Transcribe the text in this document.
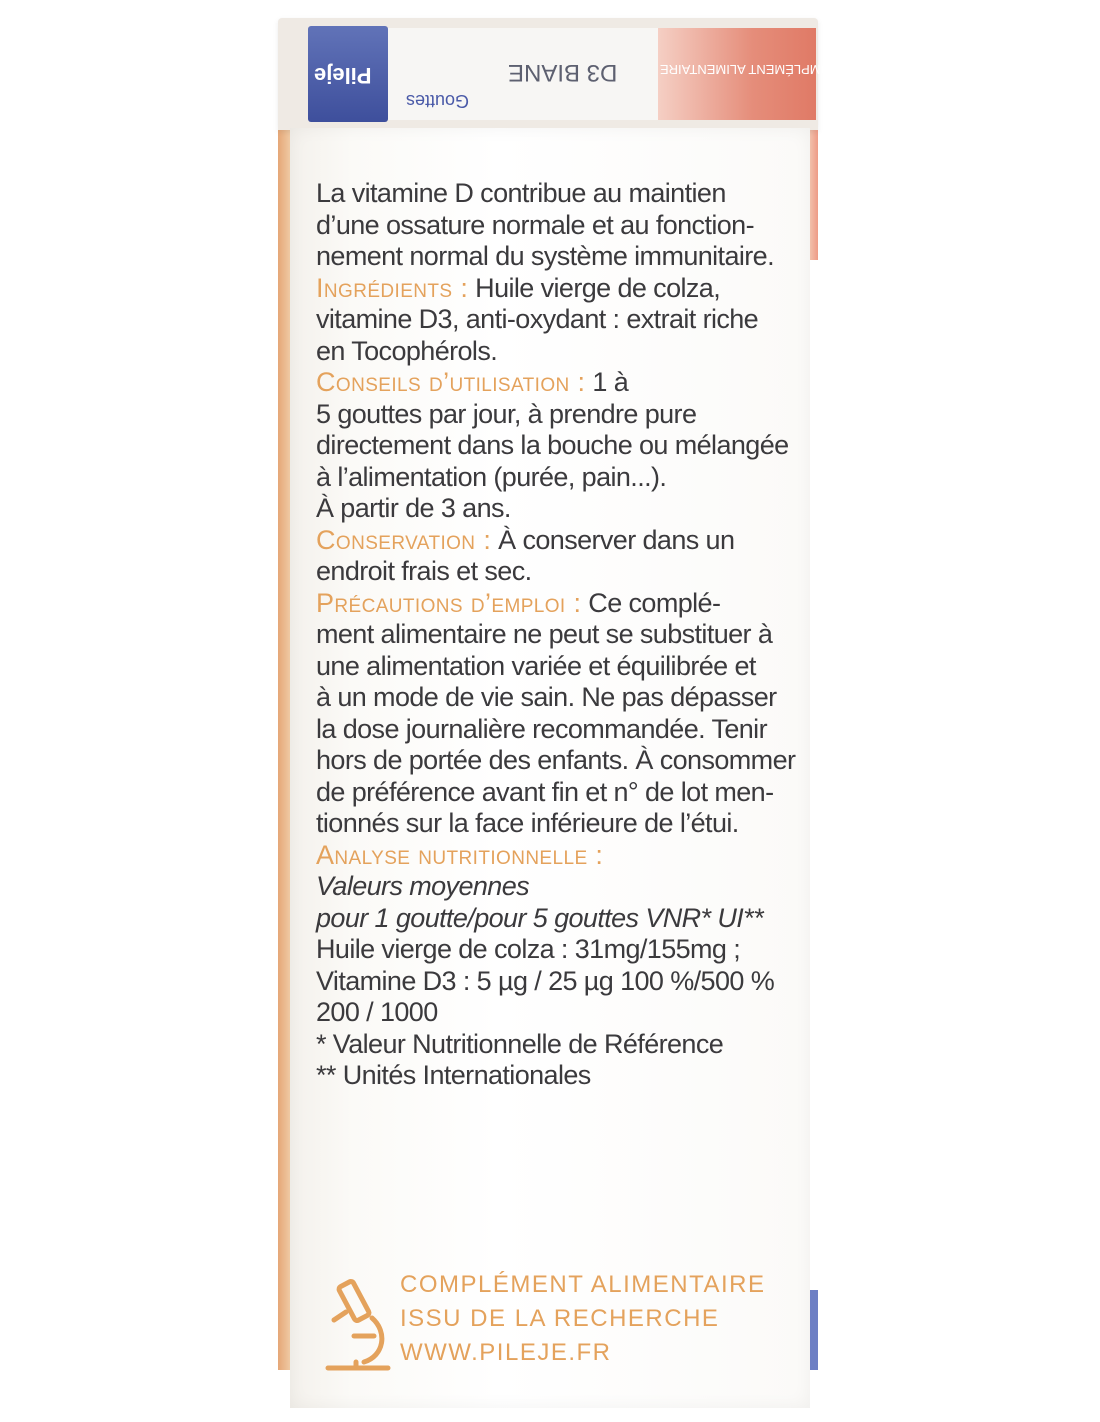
Pileje	D3 BIANE
Gouttes
COMPLÉMENT ALIMENTAIRE

La vitamine D contribue au maintien

d’une ossature normale et au fonction-

nement normal du système immunitaire.

Ingrédients : Huile vierge de colza,

vitamine D3, anti-oxydant : extrait riche

en Tocophérols.

Conseils d’utilisation : 1 à

5 gouttes par jour, à prendre pure

directement dans la bouche ou mélangée

à l’alimentation (purée, pain...).

À partir de 3 ans.

Conservation : À conserver dans un

endroit frais et sec.

Précautions d’emploi : Ce complé-

ment alimentaire ne peut se substituer à

une alimentation variée et équilibrée et

à un mode de vie sain. Ne pas dépasser

la dose journalière recommandée. Tenir

hors de portée des enfants. À consommer

de préférence avant fin et n° de lot men-

tionnés sur la face inférieure de l’étui.

Analyse nutritionnelle :

Valeurs moyennes

pour 1 goutte/pour 5 gouttes VNR* UI**

Huile vierge de colza : 31mg/155mg ;

Vitamine D3 : 5 µg / 25 µg 100 %/500 %

200 / 1000

* Valeur Nutritionnelle de Référence

** Unités Internationales

COMPLÉMENT ALIMENTAIRE

ISSU DE LA RECHERCHE

WWW.PILEJE.FR
